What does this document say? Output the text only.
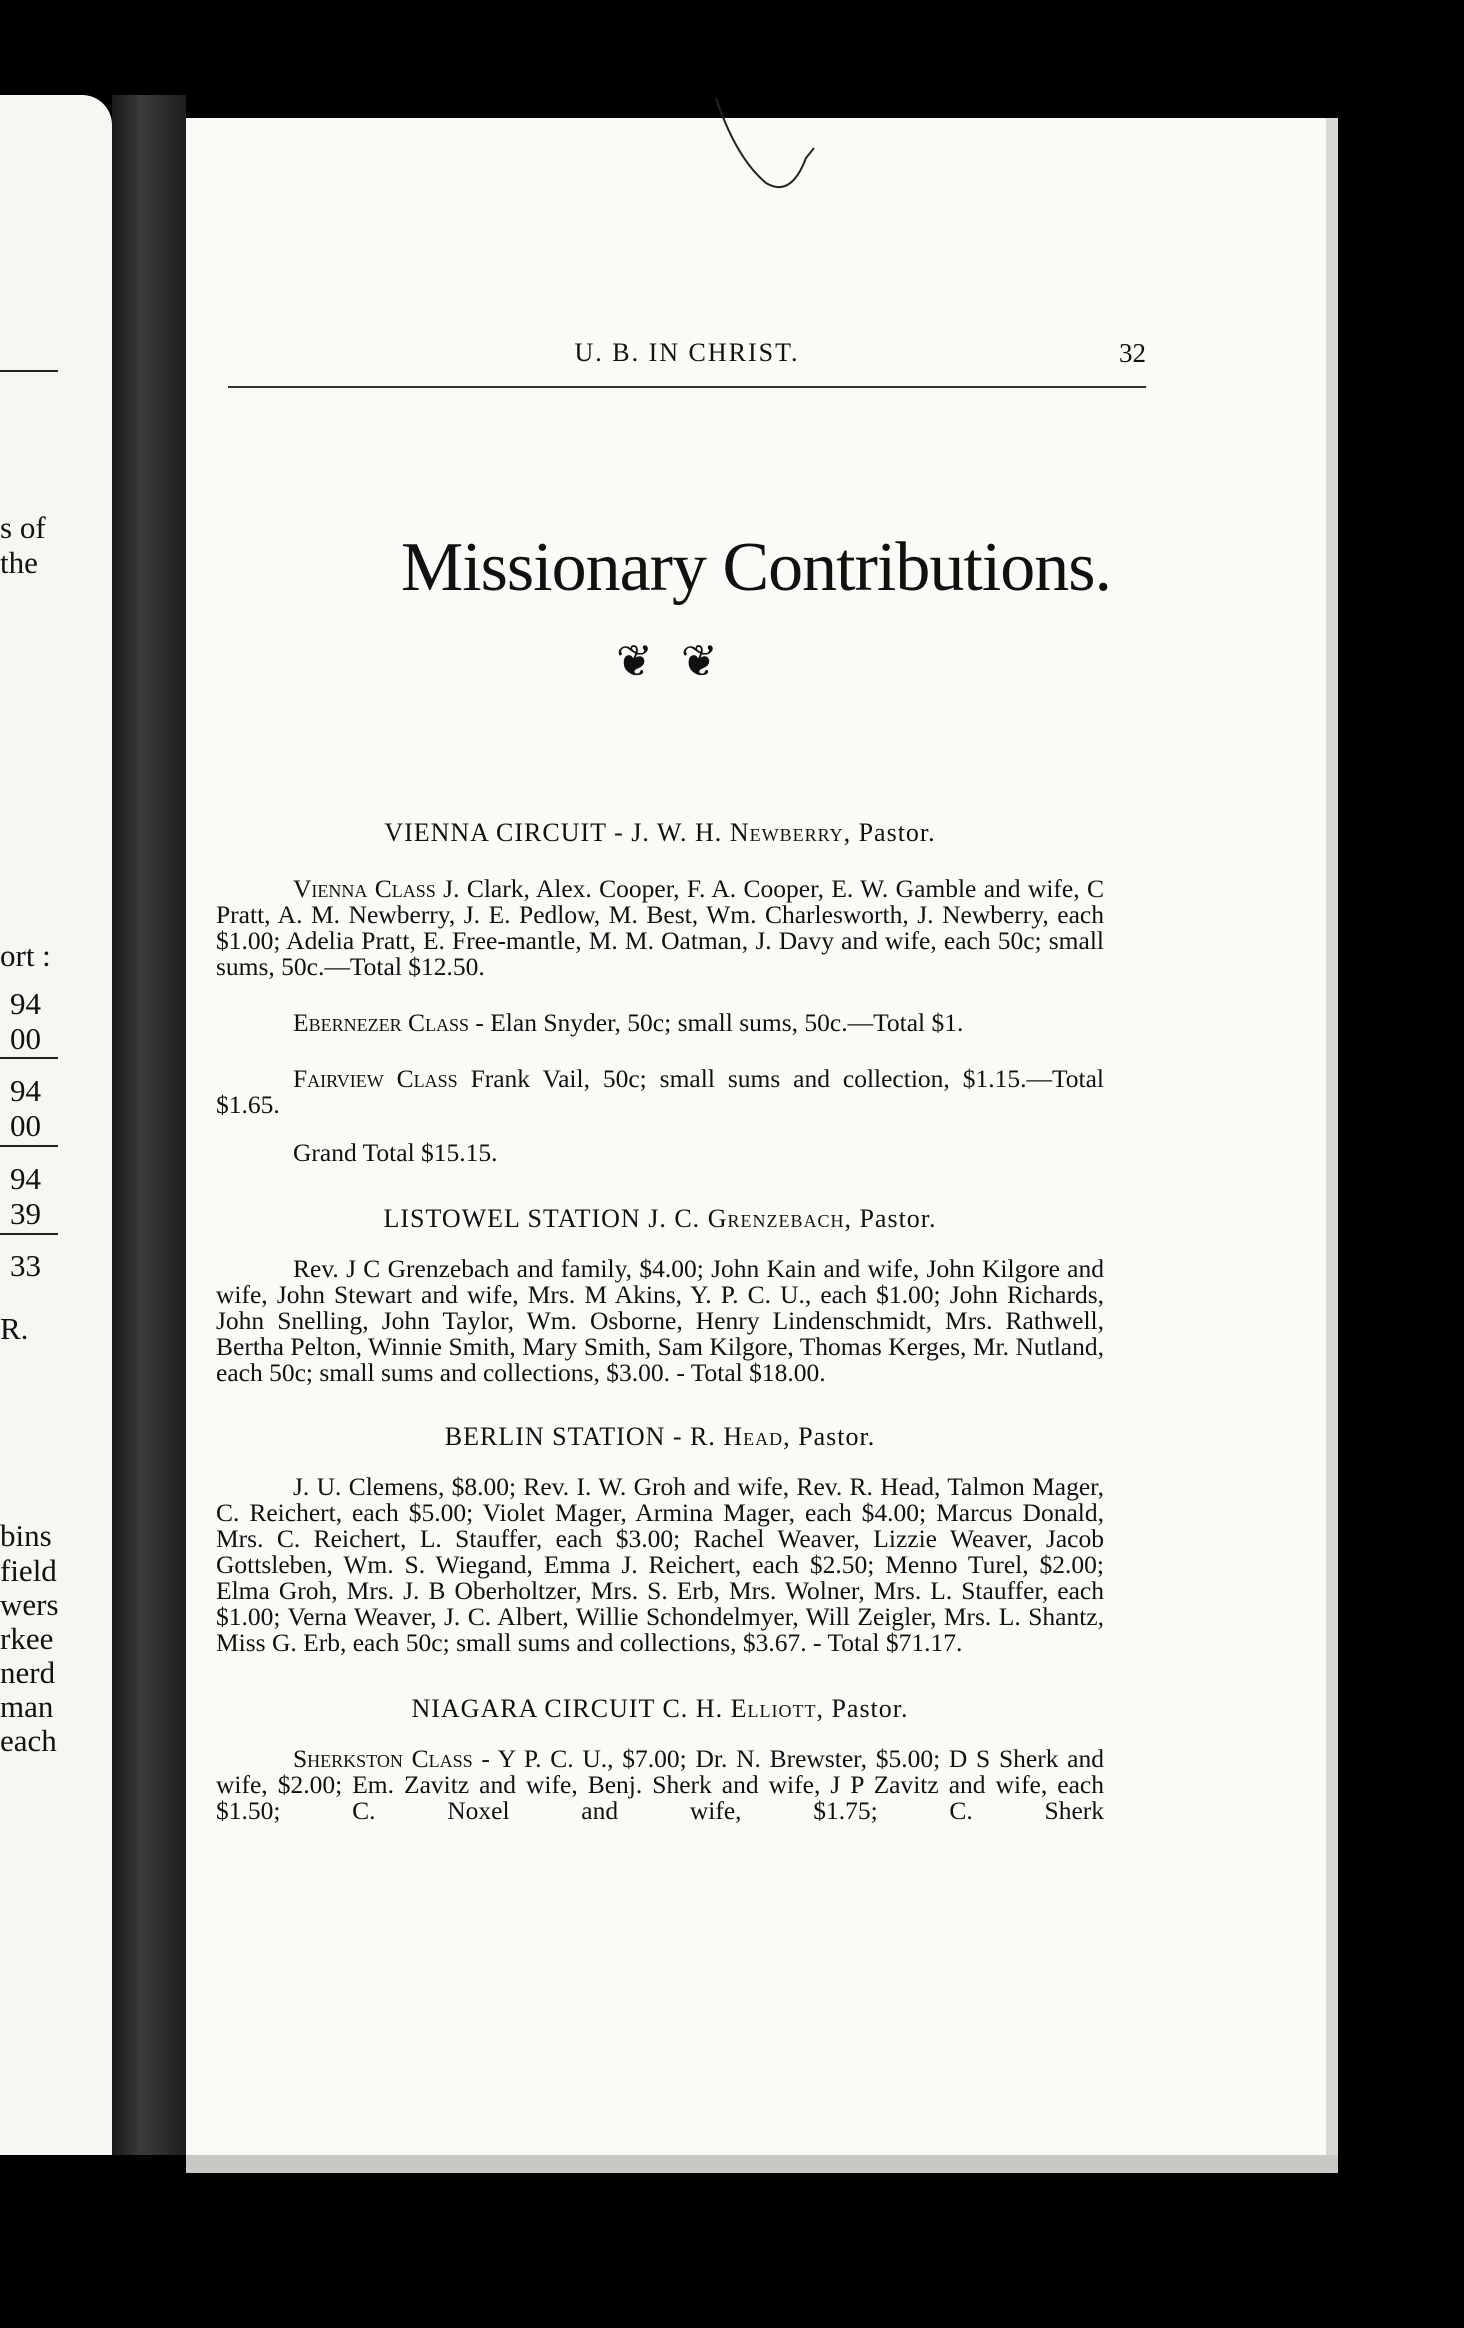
s of
the
ort :
94
00
94
00
94
39
33
R.
bins
field
wers
rkee
nerd
man
each
U. B. IN CHRIST.	32
Missionary Contributions.
❦ ❦

VIENNA CIRCUIT - J. W. H. Newberry, Pastor.

Vienna Class J. Clark, Alex. Cooper, F. A. Cooper, E. W. Gamble and wife, C Pratt, A. M. Newberry, J. E. Pedlow, M. Best, Wm. Charlesworth, J. Newberry, each $1.00; Adelia Pratt, E. Free-mantle, M. M. Oatman, J. Davy and wife, each 50c; small sums, 50c.—Total $12.50.

Ebernezer Class - Elan Snyder, 50c; small sums, 50c.—Total $1.

Fairview Class Frank Vail, 50c; small sums and collection, $1.15.—Total $1.65.

Grand Total $15.15.

LISTOWEL STATION J. C. Grenzebach, Pastor.

Rev. J C Grenzebach and family, $4.00; John Kain and wife, John Kilgore and wife, John Stewart and wife, Mrs. M Akins, Y. P. C. U., each $1.00; John Richards, John Snelling, John Taylor, Wm. Osborne, Henry Lindenschmidt, Mrs. Rathwell, Bertha Pelton, Winnie Smith, Mary Smith, Sam Kilgore, Thomas Kerges, Mr. Nutland, each 50c; small sums and collections, $3.00. - Total $18.00.

BERLIN STATION - R. Head, Pastor.

J. U. Clemens, $8.00; Rev. I. W. Groh and wife, Rev. R. Head, Talmon Mager, C. Reichert, each $5.00; Violet Mager, Armina Mager, each $4.00; Marcus Donald, Mrs. C. Reichert, L. Stauffer, each $3.00; Rachel Weaver, Lizzie Weaver, Jacob Gottsleben, Wm. S. Wiegand, Emma J. Reichert, each $2.50; Menno Turel, $2.00; Elma Groh, Mrs. J. B Oberholtzer, Mrs. S. Erb, Mrs. Wolner, Mrs. L. Stauffer, each $1.00; Verna Weaver, J. C. Albert, Willie Schondelmyer, Will Zeigler, Mrs. L. Shantz, Miss G. Erb, each 50c; small sums and collections, $3.67. - Total $71.17.

NIAGARA CIRCUIT C. H. Elliott, Pastor.

Sherkston Class - Y P. C. U., $7.00; Dr. N. Brewster, $5.00; D S Sherk and wife, $2.00; Em. Zavitz and wife, Benj. Sherk and wife, J P Zavitz and wife, each $1.50; C. Noxel and wife, $1.75; C. Sherk
